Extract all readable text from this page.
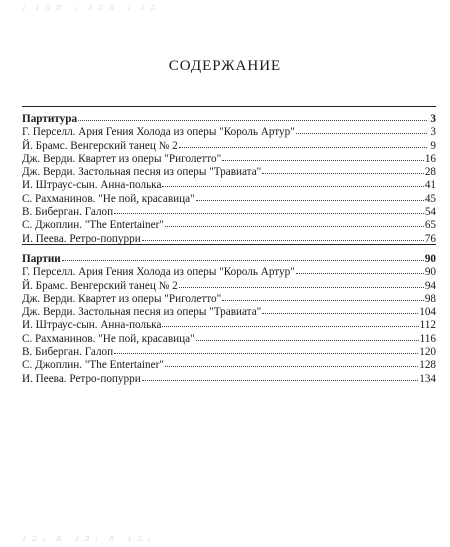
♩ ♪ ♫ ♬   ♩ ♪ ♫ ♬   ♩ ♪ ♫
СОДЕРЖАНИЕ
Партитура	3
Г. Перселл. Ария Гения Холода из оперы "Король Артур"	3
Й. Брамс. Венгерский танец № 2	9
Дж. Верди. Квартет из оперы "Риголетто"	16
Дж. Верди. Застольная песня из оперы "Травиата"	28
И. Штраус-сын. Анна-полька	41
С. Рахманинов. "Не пой, красавица"	45
В. Биберган. Галоп	54
С. Джоплин. "The Entertainer"	65
И. Пеева. Ретро-попурри	76
Партии	90
Г. Перселл. Ария Гения Холода из оперы "Король Артур"	90
Й. Брамс. Венгерский танец № 2	94
Дж. Верди. Квартет из оперы "Риголетто"	98
Дж. Верди. Застольная песня из оперы "Травиата"	104
И. Штраус-сын. Анна-полька	112
С. Рахманинов. "Не пой, красавица"	116
В. Биберган. Галоп	120
С. Джоплин. "The Entertainer"	128
И. Пеева. Ретро-попурри	134
♪ ♫ ♩ ♬   ♪ ♫ ♩ ♬   ♪ ♫ ♩
